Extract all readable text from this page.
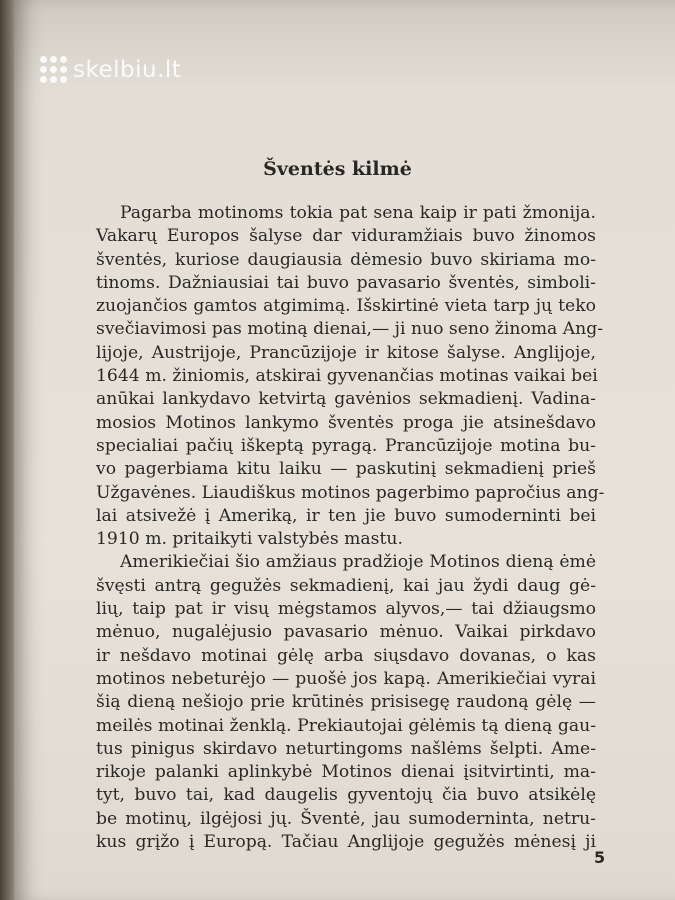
skelbiu.lt
Šventės kilmė
Pagarba motinoms tokia pat sena kaip ir pati žmonija.
Vakarų Europos šalyse dar viduramžiais buvo žinomos
šventės, kuriose daugiausia dėmesio buvo skiriama mo-
tinoms. Dažniausiai tai buvo pavasario šventės, simboli-
zuojančios gamtos atgimimą. Išskirtinė vieta tarp jų teko
svečiavimosi pas motiną dienai,— ji nuo seno žinoma Ang-
lijoje, Austrijoje, Prancūzijoje ir kitose šalyse. Anglijoje,
1644 m. žiniomis, atskirai gyvenančias motinas vaikai bei
anūkai lankydavo ketvirtą gavėnios sekmadienį. Vadina-
mosios Motinos lankymo šventės proga jie atsinešdavo
specialiai pačių iškeptą pyragą. Prancūzijoje motina bu-
vo pagerbiama kitu laiku — paskutinį sekmadienį prieš
Užgavėnes. Liaudiškus motinos pagerbimo papročius ang-
lai atsivežė į Ameriką, ir ten jie buvo sumoderninti bei
1910 m. pritaikyti valstybės mastu.
Amerikiečiai šio amžiaus pradžioje Motinos dieną ėmė
švęsti antrą gegužės sekmadienį, kai jau žydi daug gė-
lių, taip pat ir visų mėgstamos alyvos,— tai džiaugsmo
mėnuo, nugalėjusio pavasario mėnuo. Vaikai pirkdavo
ir nešdavo motinai gėlę arba siųsdavo dovanas, o kas
motinos nebeturėjo — puošė jos kapą. Amerikiečiai vyrai
šią dieną nešiojo prie krūtinės prisisegę raudoną gėlę —
meilės motinai ženklą. Prekiautojai gėlėmis tą dieną gau-
tus pinigus skirdavo neturtingoms našlėms šelpti. Ame-
rikoje palanki aplinkybė Motinos dienai įsitvirtinti, ma-
tyt, buvo tai, kad daugelis gyventojų čia buvo atsikėlę
be motinų, ilgėjosi jų. Šventė, jau sumoderninta, netru-
kus grįžo į Europą. Tačiau Anglijoje gegužės mėnesį ji
5
